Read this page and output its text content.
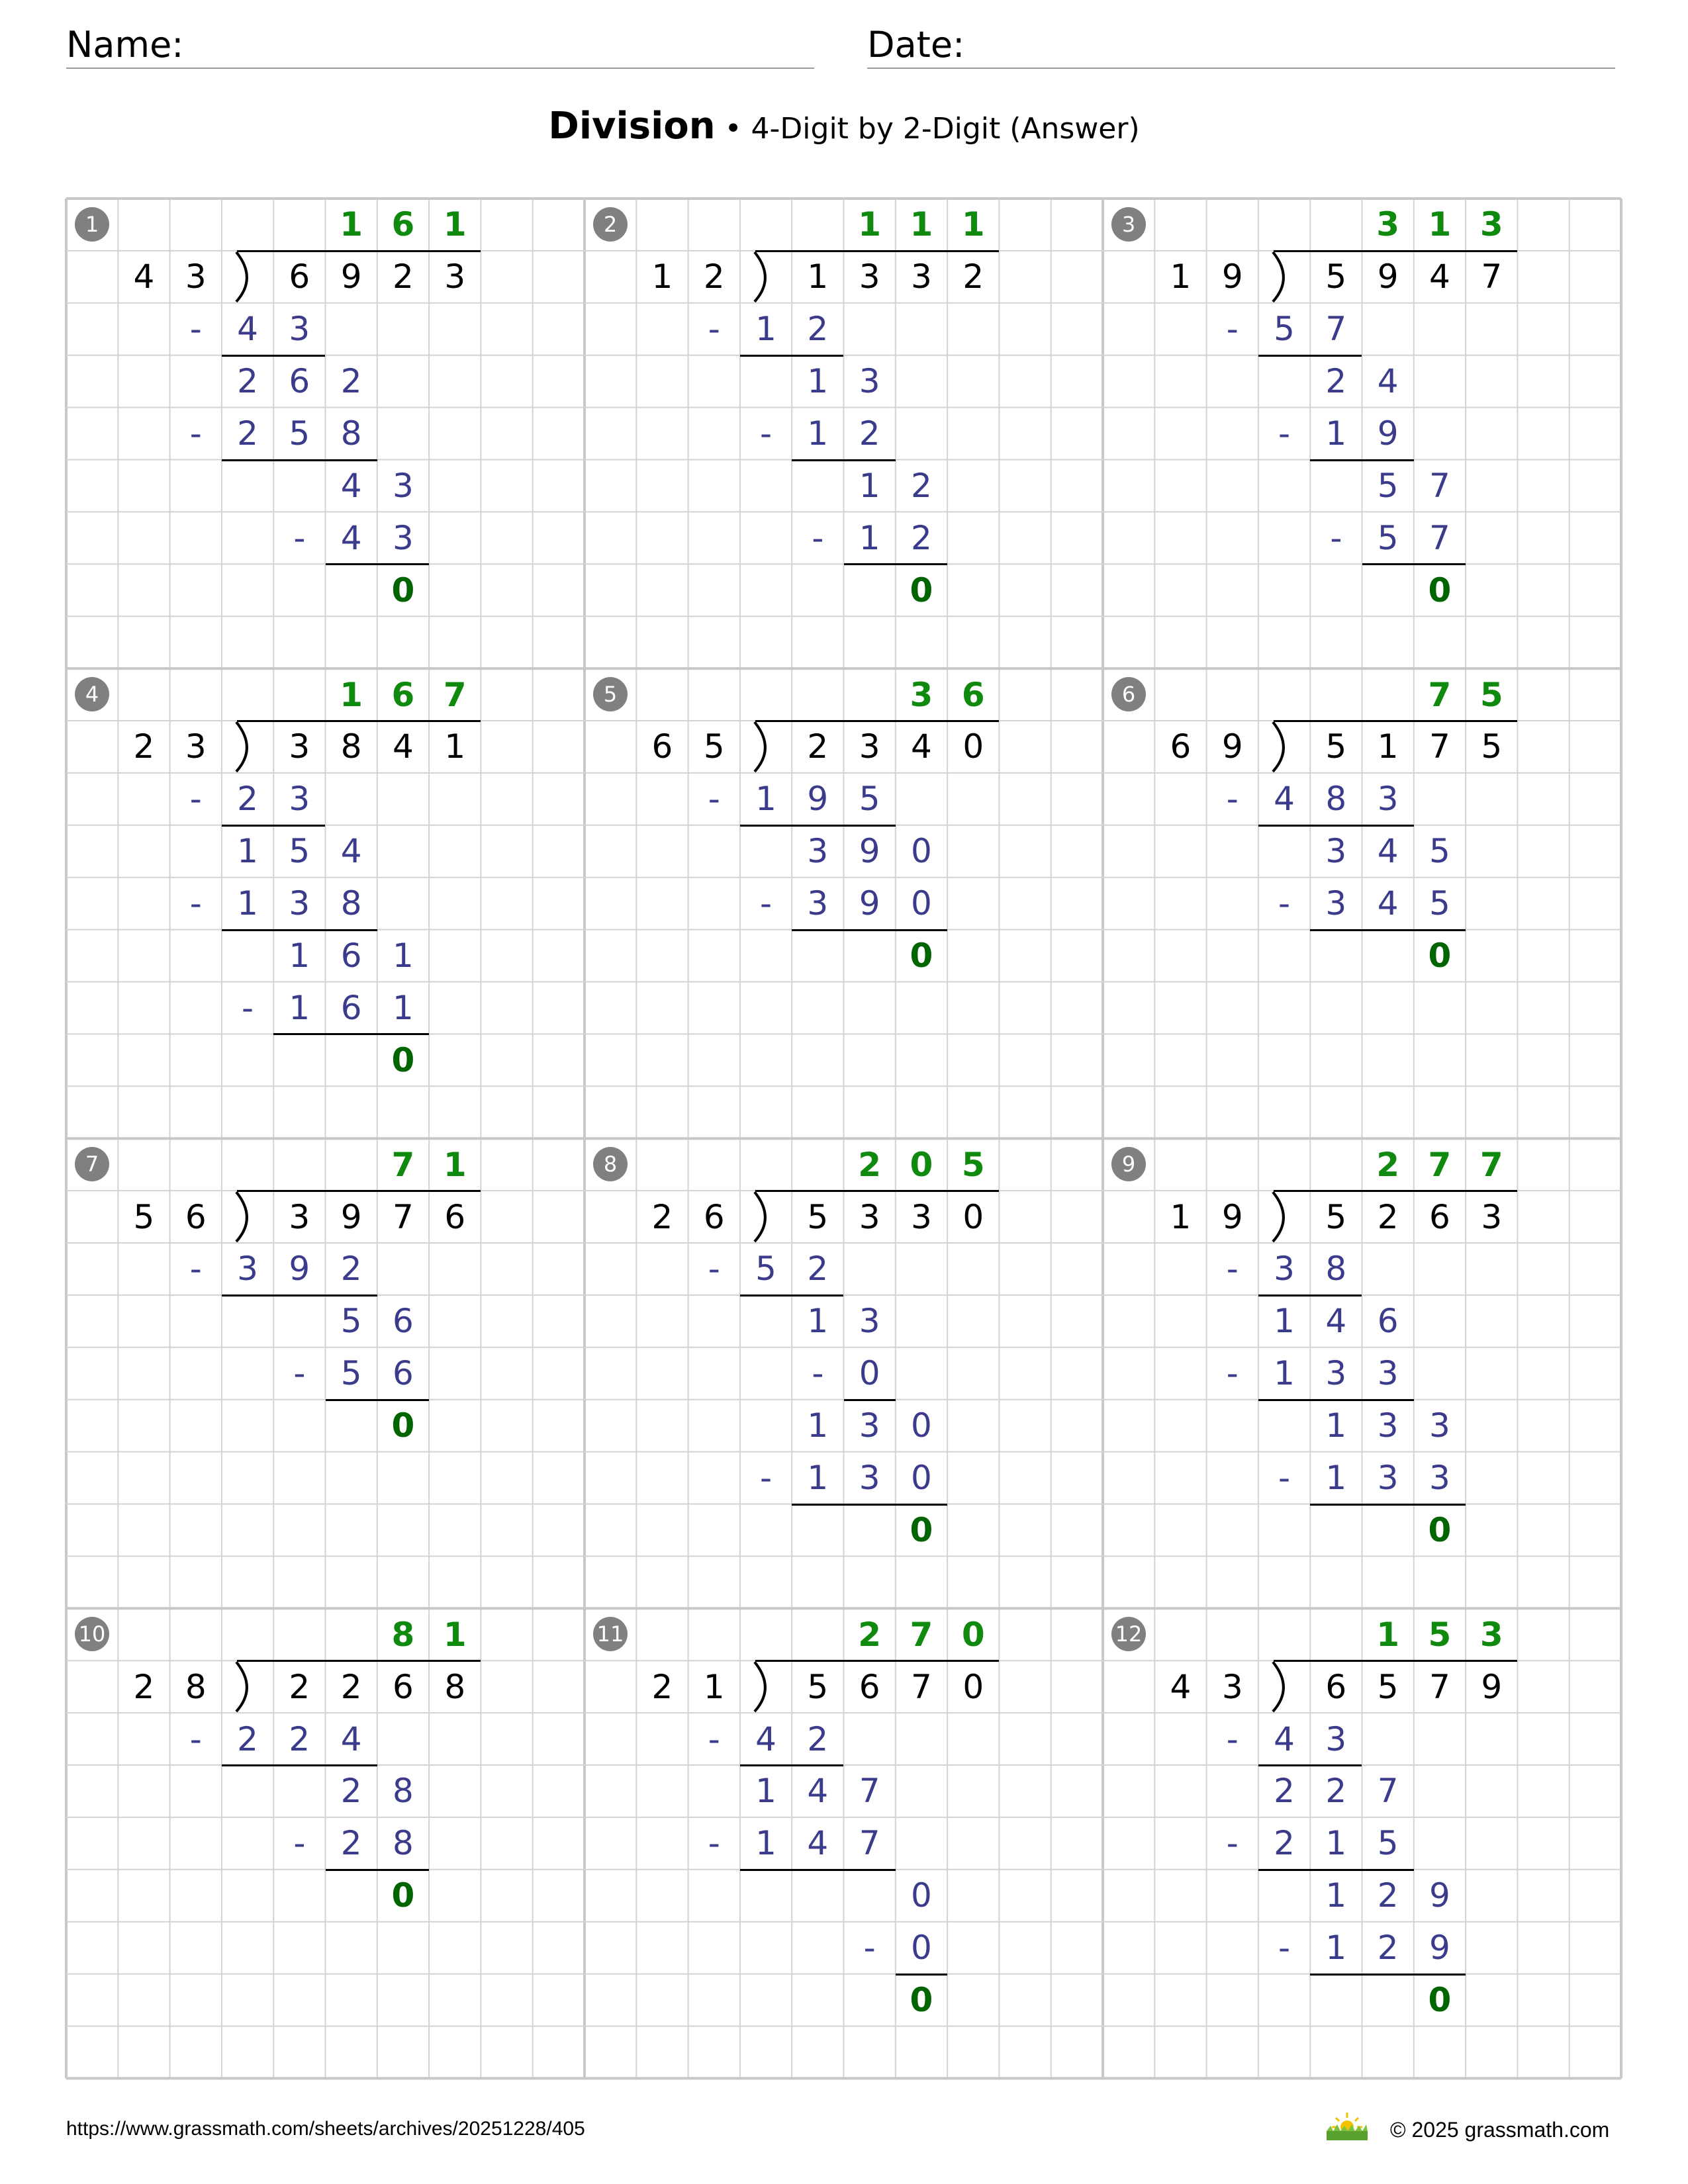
Name:	Date:
Division • 4-Digit by 2-Digit (Answer)
1
4 3	6 9 2 3
1 6 1
-	4 3
2 6 2
-	2 5 8
4 3
-	4 3
0
2
1 2	1 3 3 2
1 1 1
-	1 2
1 3
-	1 2
1 2
-	1 2
0
3
1 9	5 9 4 7
3 1 3
-	5 7
2 4
-	1 9
5 7
-	5 7
0
4
2 3	3 8 4 1
1 6 7
-	2 3
1 5 4
-	1 3 8
1 6 1
-	1 6 1
0
5
6 5	2 3 4 0
3 6
-	1 9 5
3 9 0
-	3 9 0
0
6
6 9	5 1 7 5
7 5
-	4 8 3
3 4 5
-	3 4 5
0
7
5 6	3 9 7 6
7 1
-	3 9 2
5 6
-	5 6
0
8
2 6	5 3 3 0
2 0 5
-	5 2
1 3
-	0
1 3 0
-	1 3 0
0
9
1 9	5 2 6 3
2 7 7
-	3 8
1 4 6
-	1 3 3
1 3 3
-	1 3 3
0
10
2 8	2 2 6 8
8 1
-	2 2 4
2 8
-	2 8
0
11
2 1	5 6 7 0
2 7 0
-	4 2
1 4 7
-	1 4 7
0
-	0
0
12
4 3	6 5 7 9
1 5 3
-	4 3
2 2 7
-	2 1 5
1 2 9
-	1 2 9
0
https://www.grassmath.com/sheets/archives/20251228/405	© 2025 grassmath.com
